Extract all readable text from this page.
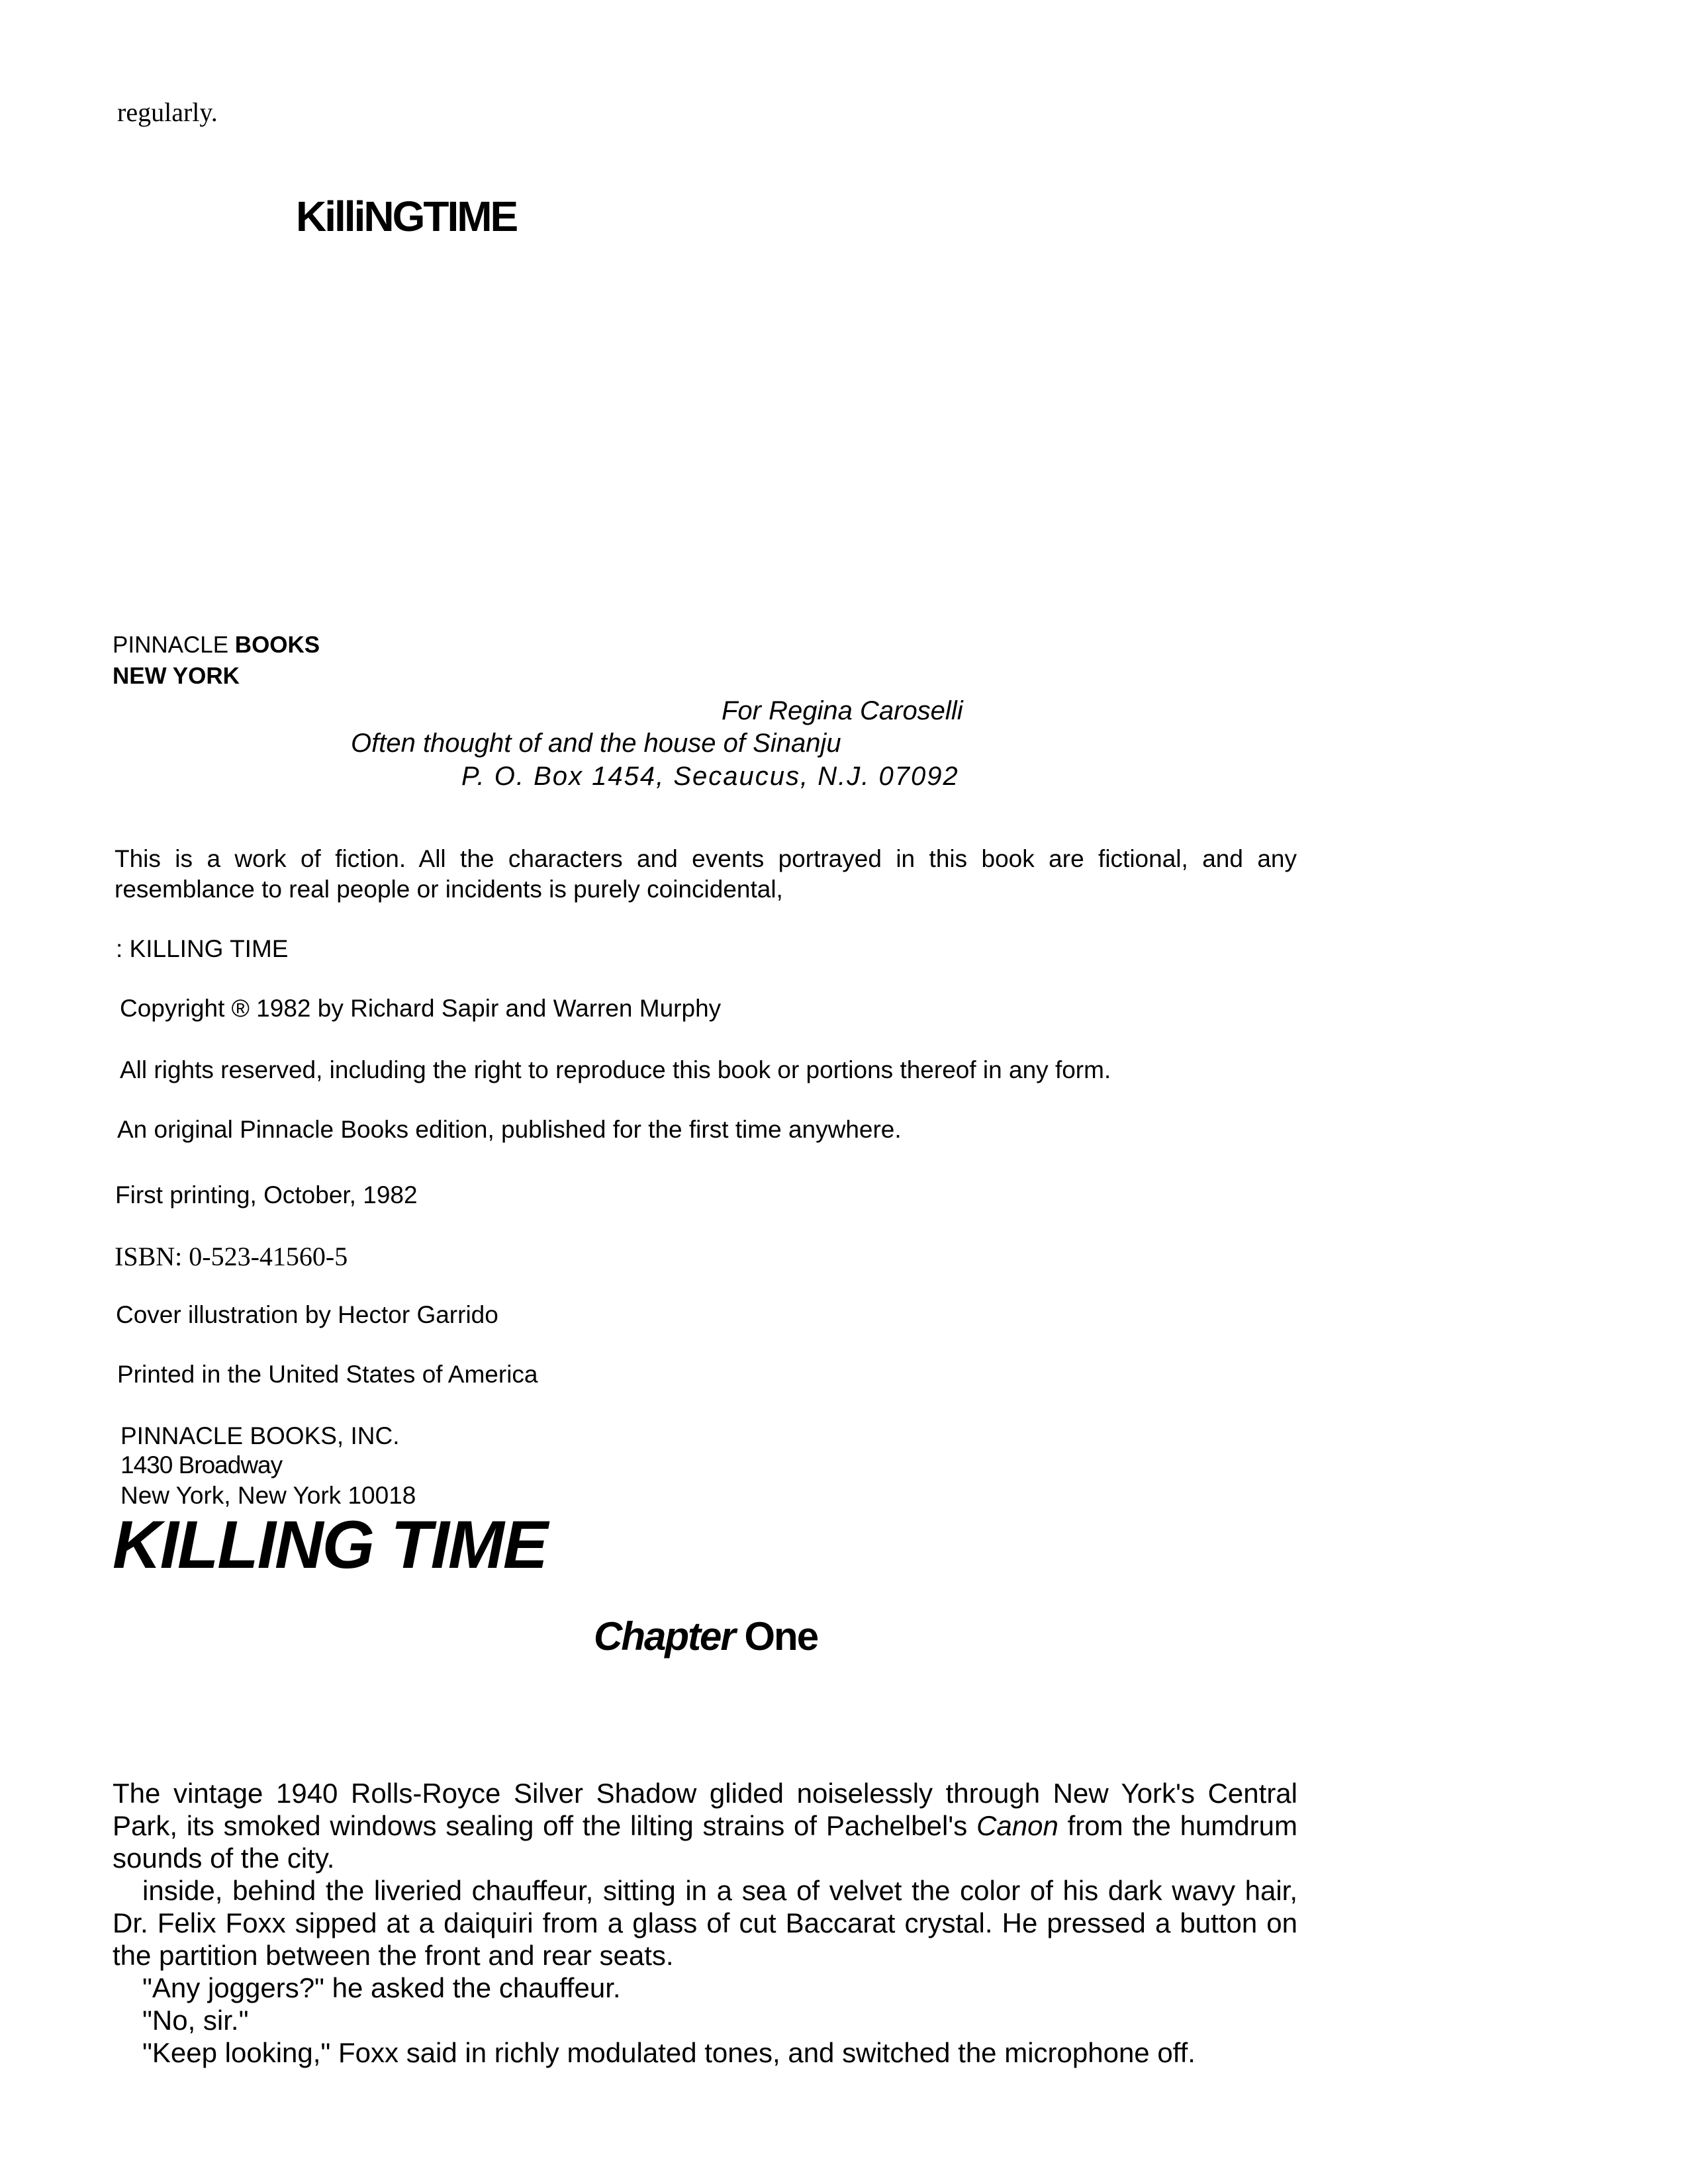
regularly.
KilliNGTIME
PINNACLE BOOKS
NEW YORK
For Regina Caroselli
Often thought of and the house of Sinanju
P. O. Box 1454, Secaucus, N.J. 07092
This is a work of fiction. All the characters and events portrayed in this book are fictional, and any resemblance to real people or incidents is purely coincidental,
: KILLING TIME
Copyright ® 1982 by Richard Sapir and Warren Murphy
All rights reserved, including the right to reproduce this book or portions thereof in any form.
An original Pinnacle Books edition, published for the first time anywhere.
First printing, October, 1982
ISBN: 0-523-41560-5
Cover illustration by Hector Garrido
Printed in the United States of America
PINNACLE BOOKS, INC.
1430 Broadway
New York, New York 10018
KILLING TIME
Chapter One

The vintage 1940 Rolls-Royce Silver Shadow glided noiselessly through New York's Central Park, its smoked windows sealing off the lilting strains of Pachelbel's Canon from the humdrum sounds of the city.

inside, behind the liveried chauffeur, sitting in a sea of velvet the color of his dark wavy hair, Dr. Felix Foxx sipped at a daiquiri from a glass of cut Baccarat crystal. He pressed a button on the partition between the front and rear seats.

"Any joggers?" he asked the chauffeur.

"No, sir."

"Keep looking," Foxx said in richly modulated tones, and switched the microphone off.
